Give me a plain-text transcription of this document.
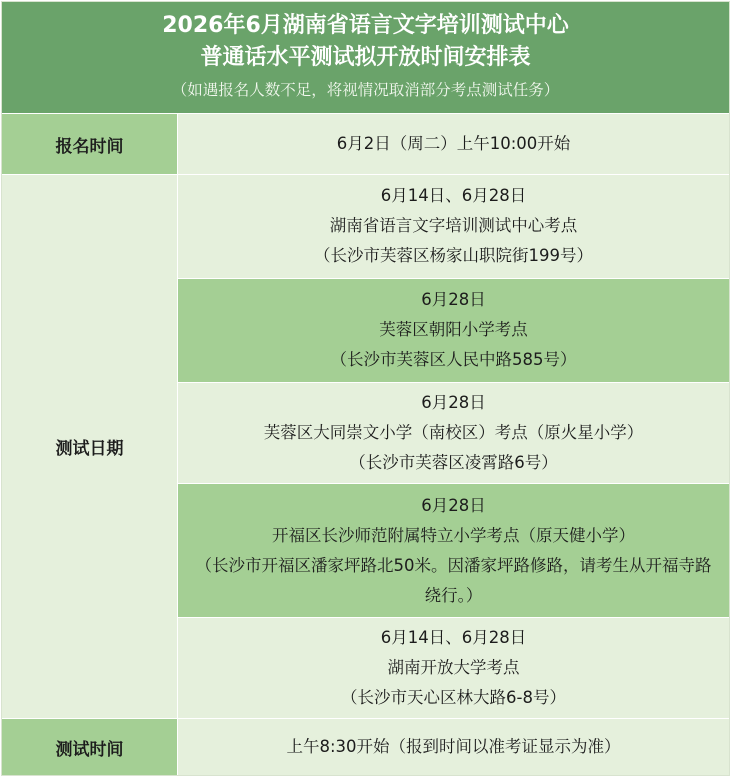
2026年6月湖南省语言文字培训测试中心
普通话水平测试拟开放时间安排表
（如遇报名人数不足，将视情况取消部分考点测试任务）
报名时间	6月2日（周二）上午10:00开始
测试日期
6月14日、6月28日
湖南省语言文字培训测试中心考点
（长沙市芙蓉区杨家山职院街199号）
6月28日
芙蓉区朝阳小学考点
（长沙市芙蓉区人民中路585号）
6月28日
芙蓉区大同崇文小学（南校区）考点（原火星小学）
（长沙市芙蓉区凌霄路6号）
6月28日
开福区长沙师范附属特立小学考点（原天健小学）
（长沙市开福区潘家坪路北50米。因潘家坪路修路，请考生从开福寺路绕行。）
6月14日、6月28日
湖南开放大学考点
（长沙市天心区林大路6-8号）
测试时间	上午8:30开始（报到时间以准考证显示为准）
